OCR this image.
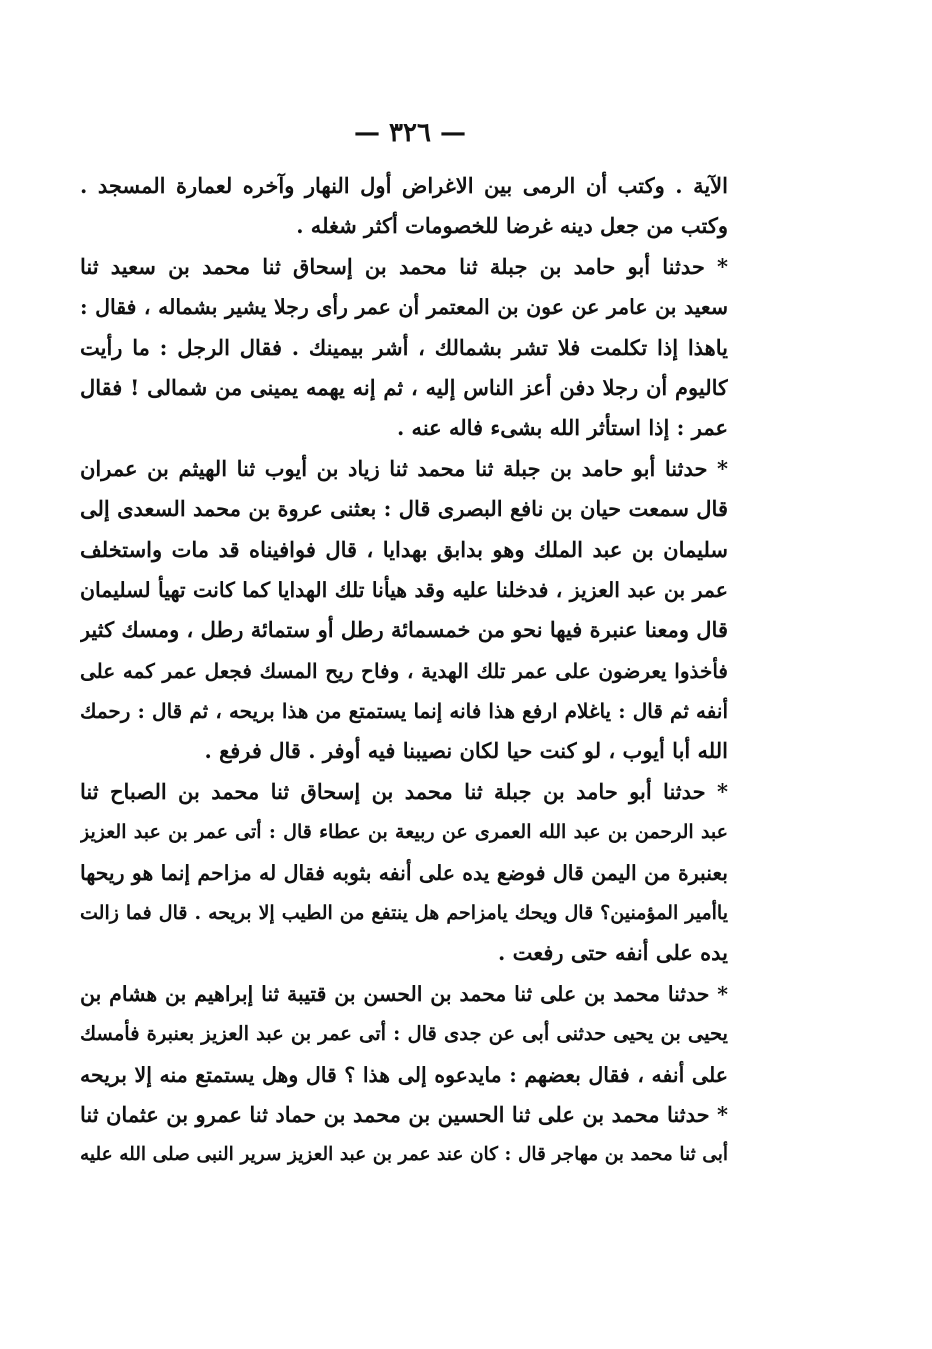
— ٣٢٦ —
الآية . وكتب أن الرمى بين الاغراض أول النهار وآخره لعمارة المسجد .
وكتب من جعل دينه غرضا للخصومات أكثر شغله .
* حدثنا أبو حامد بن جبلة ثنا محمد بن إسحاق ثنا محمد بن سعيد ثنا
سعيد بن عامر عن عون بن المعتمر أن عمر رأى رجلا يشير بشماله ، فقال :
ياهذا إذا تكلمت فلا تشر بشمالك ، أشر بيمينك . فقال الرجل : ما رأيت
كاليوم أن رجلا دفن أعز الناس إليه ، ثم إنه يهمه يمينى من شمالى ! فقال
عمر : إذا استأثر الله بشىء فاله عنه .
* حدثنا أبو حامد بن جبلة ثنا محمد ثنا زياد بن أيوب ثنا الهيثم بن عمران
قال سمعت حيان بن نافع البصرى قال : بعثنى عروة بن محمد السعدى إلى
سليمان بن عبد الملك وهو بدابق بهدايا ، قال فوافيناه قد مات واستخلف
عمر بن عبد العزيز ، فدخلنا عليه وقد هيأنا تلك الهدايا كما كانت تهيأ لسليمان
قال ومعنا عنبرة فيها نحو من خمسمائة رطل أو ستمائة رطل ، ومسك كثير
فأخذوا يعرضون على عمر تلك الهدية ، وفاح ريح المسك فجعل عمر كمه على
أنفه ثم قال : ياغلام ارفع هذا فانه إنما يستمتع من هذا بريحه ، ثم قال : رحمك
الله أبا أيوب ، لو كنت حيا لكان نصيبنا فيه أوفر . قال فرفع .
* حدثنا أبو حامد بن جبلة ثنا محمد بن إسحاق ثنا محمد بن الصباح ثنا
عبد الرحمن بن عبد الله العمرى عن ربيعة بن عطاء قال : أتى عمر بن عبد العزيز
بعنبرة من اليمن قال فوضع يده على أنفه بثوبه فقال له مزاحم إنما هو ريحها
ياأمير المؤمنين؟ قال ويحك يامزاحم هل ينتفع من الطيب إلا بريحه . قال فما زالت
يده على أنفه حتى رفعت .
* حدثنا محمد بن على ثنا محمد بن الحسن بن قتيبة ثنا إبراهيم بن هشام بن
يحيى بن يحيى حدثنى أبى عن جدى قال : أتى عمر بن عبد العزيز بعنبرة فأمسك
على أنفه ، فقال بعضهم : مايدعوه إلى هذا ؟ قال وهل يستمتع منه إلا بريحه
* حدثنا محمد بن على ثنا الحسين بن محمد بن حماد ثنا عمرو بن عثمان ثنا
أبى ثنا محمد بن مهاجر قال : كان عند عمر بن عبد العزيز سرير النبى صلى الله عليه
